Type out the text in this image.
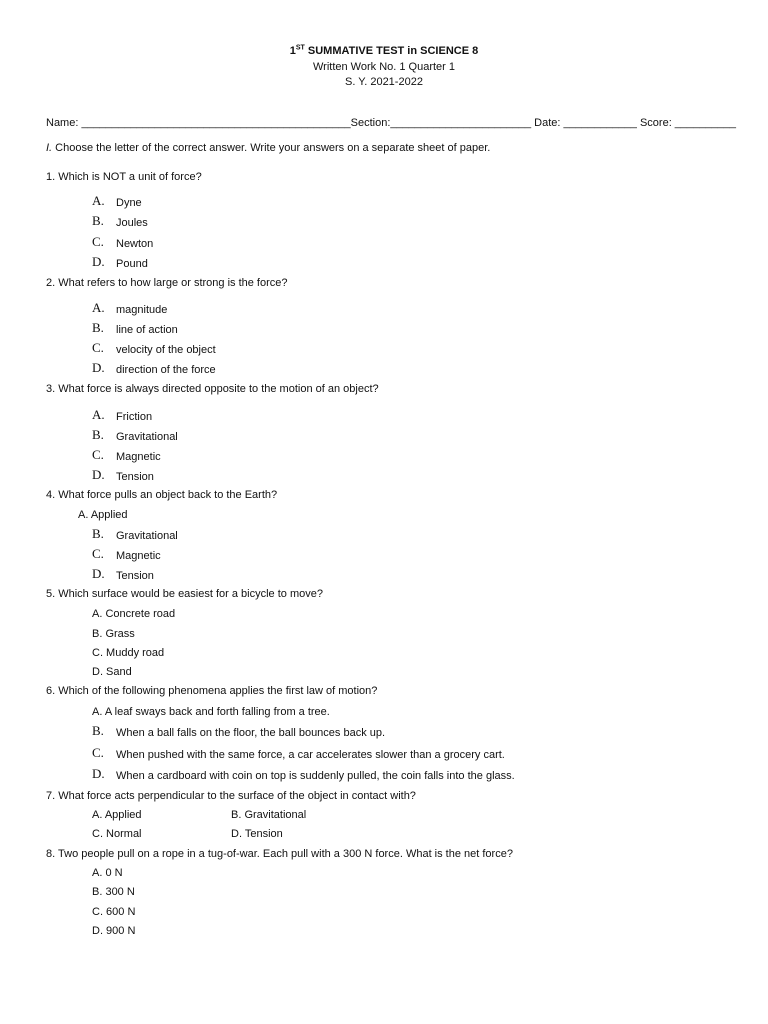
1ST SUMMATIVE TEST in SCIENCE 8
Written Work No. 1 Quarter 1
S. Y. 2021-2022
Name: ____________________________________________Section:_______________________ Date: ____________ Score: __________
I. Choose the letter of the correct answer. Write your answers on a separate sheet of paper.
1. Which is NOT a unit of force?
A. Dyne
B. Joules
C. Newton
D. Pound
2. What refers to how large or strong is the force?
A. magnitude
B. line of action
C. velocity of the object
D. direction of the force
3. What force is always directed opposite to the motion of an object?
A. Friction
B. Gravitational
C. Magnetic
D. Tension
4. What force pulls an object back to the Earth?
A. Applied
B. Gravitational
C. Magnetic
D. Tension
5. Which surface would be easiest for a bicycle to move?
A. Concrete road
B. Grass
C. Muddy road
D. Sand
6. Which of the following phenomena applies the first law of motion?
A. A leaf sways back and forth falling from a tree.
B. When a ball falls on the floor, the ball bounces back up.
C. When pushed with the same force, a car accelerates slower than a grocery cart.
D. When a cardboard with coin on top is suddenly pulled, the coin falls into the glass.
7. What force acts perpendicular to the surface of the object in contact with?
A. Applied	B. Gravitational
C. Normal	D. Tension
8. Two people pull on a rope in a tug-of-war. Each pull with a 300 N force. What is the net force?
A. 0 N
B. 300 N
C. 600 N
D. 900 N
